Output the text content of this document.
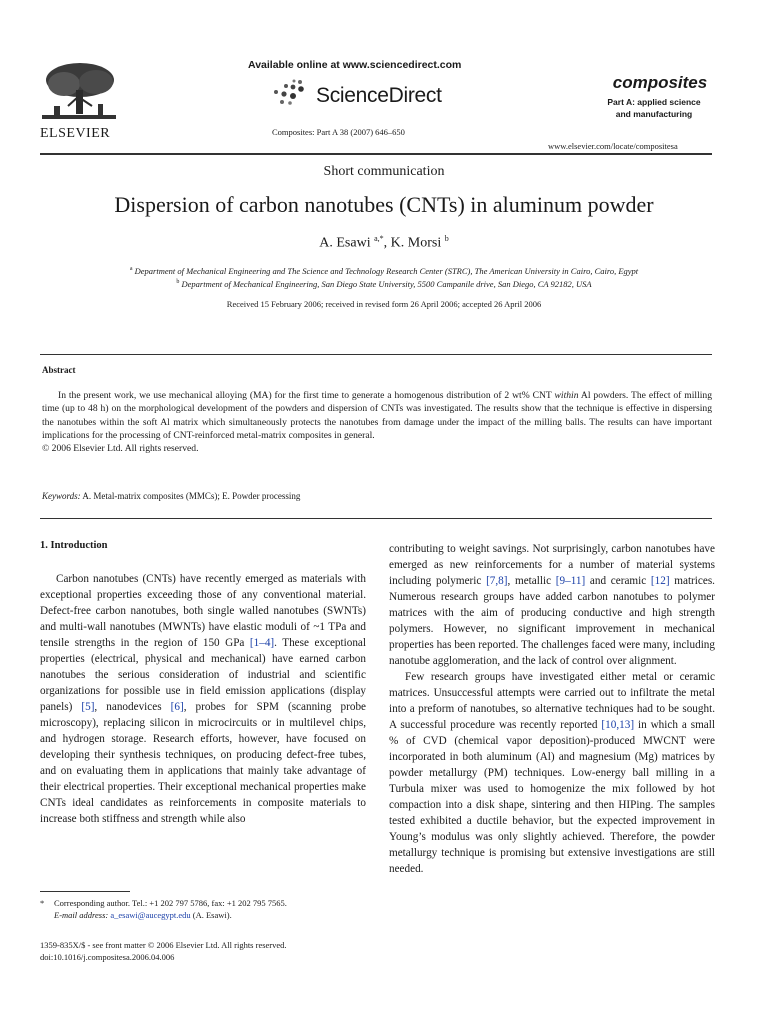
ELSEVIER
Available online at www.sciencedirect.com
ScienceDirect
Composites: Part A 38 (2007) 646–650
composites
Part A: applied science
and manufacturing
www.elsevier.com/locate/compositesa
Short communication
Dispersion of carbon nanotubes (CNTs) in aluminum powder
A. Esawi $^{a,*}$, K. Morsi $^b$
$^a$ Department of Mechanical Engineering and The Science and Technology Research Center (STRC), The American University in Cairo, Cairo, Egypt
$^b$ Department of Mechanical Engineering, San Diego State University, 5500 Campanile drive, San Diego, CA 92182, USA
Received 15 February 2006; received in revised form 26 April 2006; accepted 26 April 2006
Abstract

In the present work, we use mechanical alloying (MA) for the first time to generate a homogenous distribution of 2 wt% CNT within Al powders. The effect of milling time (up to 48 h) on the morphological development of the powders and dispersion of CNTs was investigated. The results show that the technique is effective in dispersing the nanotubes within the soft Al matrix which simultaneously protects the nanotubes from damage under the impact of the milling balls. The results can have important implications for the processing of CNT-reinforced metal-matrix composites in general.

© 2006 Elsevier Ltd. All rights reserved.

Keywords: A. Metal-matrix composites (MMCs); E. Powder processing
1. Introduction

Carbon nanotubes (CNTs) have recently emerged as materials with exceptional properties exceeding those of any conventional material. Defect-free carbon nanotubes, both single walled nanotubes (SWNTs) and multi-wall nanotubes (MWNTs) have elastic moduli of ~1 TPa and tensile strengths in the region of 150 GPa [1–4]. These exceptional properties (electrical, physical and mechanical) have earned carbon nanotubes the serious consideration of industrial and scientific organizations for possible use in field emission applications (display panels) [5], nanodevices [6], probes for SPM (scanning probe microscopy), replacing silicon in microcircuits or in multilevel chips, and hydrogen storage. Research efforts, however, have focused on developing their synthesis techniques, on producing defect-free tubes, and on evaluating them in applications that mainly take advantage of their electrical properties. Their exceptional mechanical properties make CNTs ideal candidates as reinforcements in composite materials to increase both stiffness and strength while also

contributing to weight savings. Not surprisingly, carbon nanotubes have emerged as new reinforcements for a number of material systems including polymeric [7,8], metallic [9–11] and ceramic [12] matrices. Numerous research groups have added carbon nanotubes to polymer matrices with the aim of producing conductive and high strength polymers. However, no significant improvement in mechanical properties has been reported. The challenges faced were many, including nanotube agglomeration, and the lack of control over alignment.

Few research groups have investigated either metal or ceramic matrices. Unsuccessful attempts were carried out to infiltrate the metal into a preform of nanotubes, so alternative techniques had to be sought. A successful procedure was recently reported [10,13] in which a small % of CVD (chemical vapor deposition)-produced MWCNT were incorporated in both aluminum (Al) and magnesium (Mg) matrices by powder metallurgy (PM) techniques. Low-energy ball milling in a Turbula mixer was used to homogenize the mix followed by hot compaction into a disk shape, sintering and then HIPing. The samples tested exhibited a ductile behavior, but the expected improvement in Young’s modulus was only slightly achieved. Therefore, the powder metallurgy technique is promising but extensive investigations are still needed.

* Corresponding author. Tel.: +1 202 797 5786, fax: +1 202 795 7565.
E-mail address: a_esawi@aucegypt.edu (A. Esawi).
1359-835X/$ - see front matter © 2006 Elsevier Ltd. All rights reserved.
doi:10.1016/j.compositesa.2006.04.006
